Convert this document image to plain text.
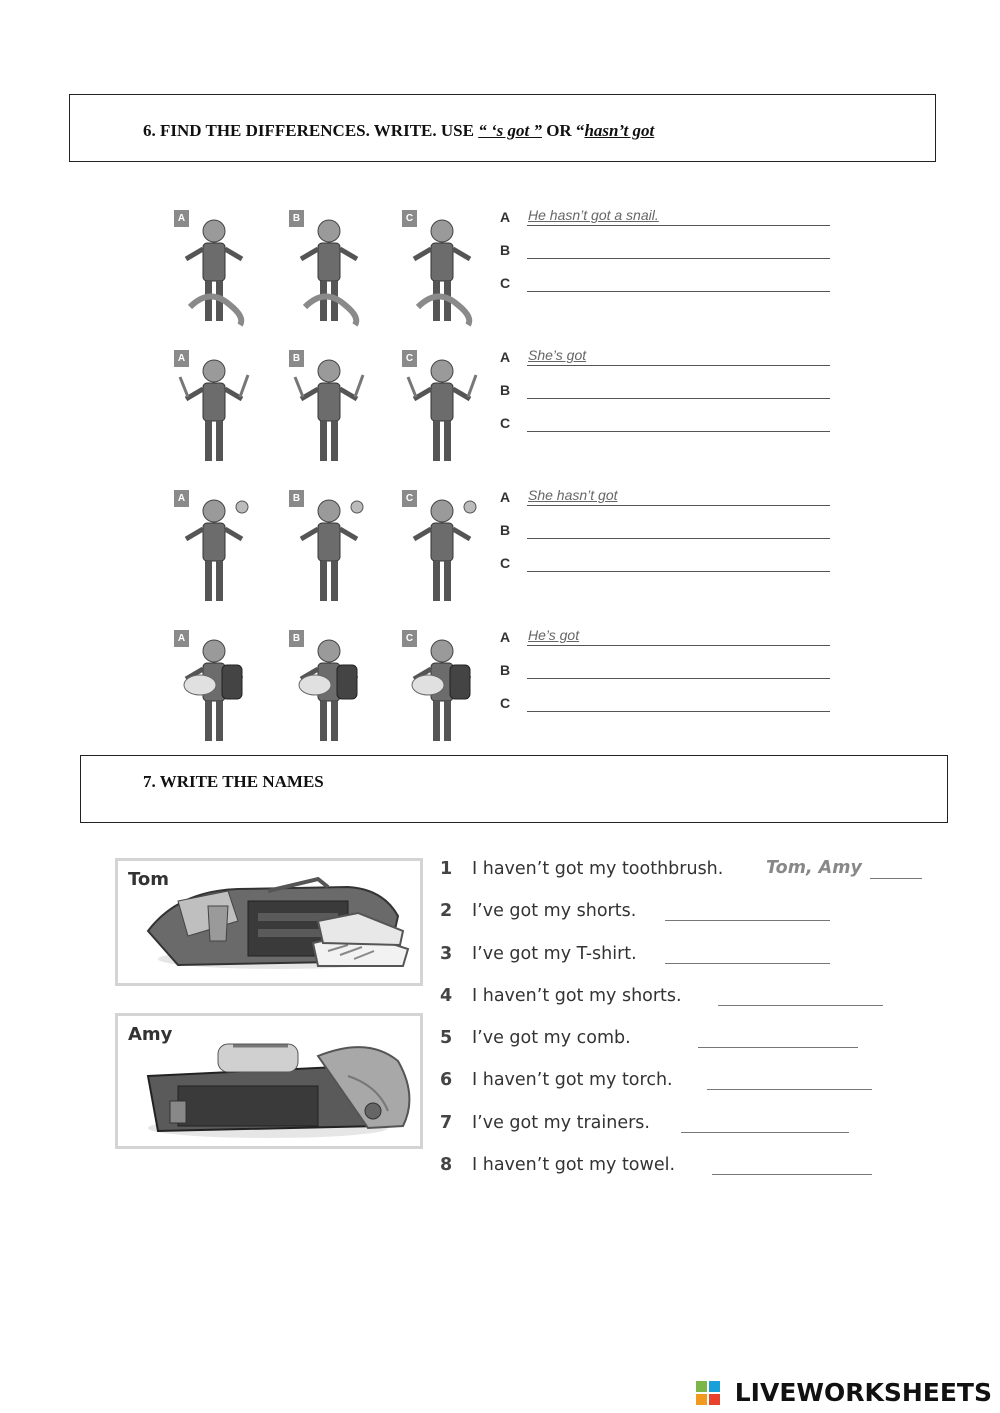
6. FIND THE DIFFERENCES. WRITE. USE “ ‘s got ” OR “hasn’t got
A	B	C	A He hasn’t got a snail.
B
C
A	B	C	A She’s got
B
C
A	B	C	A She hasn’t got
B
C
A	B	C	A He’s got
B
C
7. WRITE THE NAMES
Tom
Amy
1 I haven’t got my toothbrush. Tom, Amy
2 I’ve got my shorts.
3 I’ve got my T-shirt.
4 I haven’t got my shorts.
5 I’ve got my comb.
6 I haven’t got my torch.
7 I’ve got my trainers.
8 I haven’t got my towel.
LIVEWORKSHEETS
